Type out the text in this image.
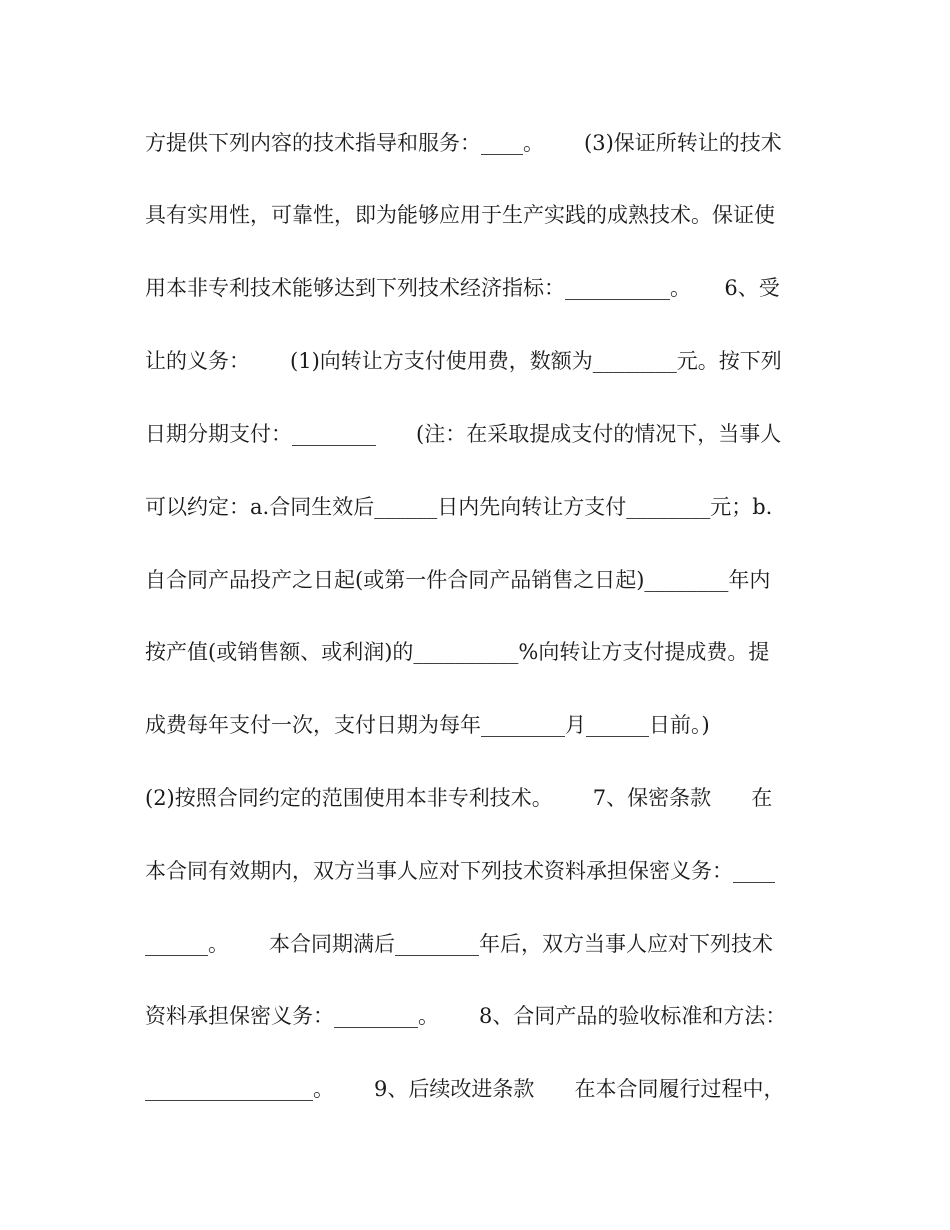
方提供下列内容的技术指导和服务：____。      (3)保证所转让的技术
具有实用性，可靠性，即为能够应用于生产实践的成熟技术。保证使
用本非专利技术能够达到下列技术经济指标：__________。     6、受
让的义务：      (1)向转让方支付使用费，数额为________元。按下列
日期分期支付：________      (注：在采取提成支付的情况下，当事人
可以约定：a.合同生效后______日内先向转让方支付________元；b.
自合同产品投产之日起(或第一件合同产品销售之日起)________年内
按产值(或销售额、或利润)的__________%向转让方支付提成费。提
成费每年支付一次，支付日期为每年________月______日前。)
(2)按照合同约定的范围使用本非专利技术。      7、保密条款      在
本合同有效期内，双方当事人应对下列技术资料承担保密义务：____
______。      本合同期满后________年后，双方当事人应对下列技术
资料承担保密义务：________。      8、合同产品的验收标准和方法：
________________。      9、后续改进条款      在本合同履行过程中，
